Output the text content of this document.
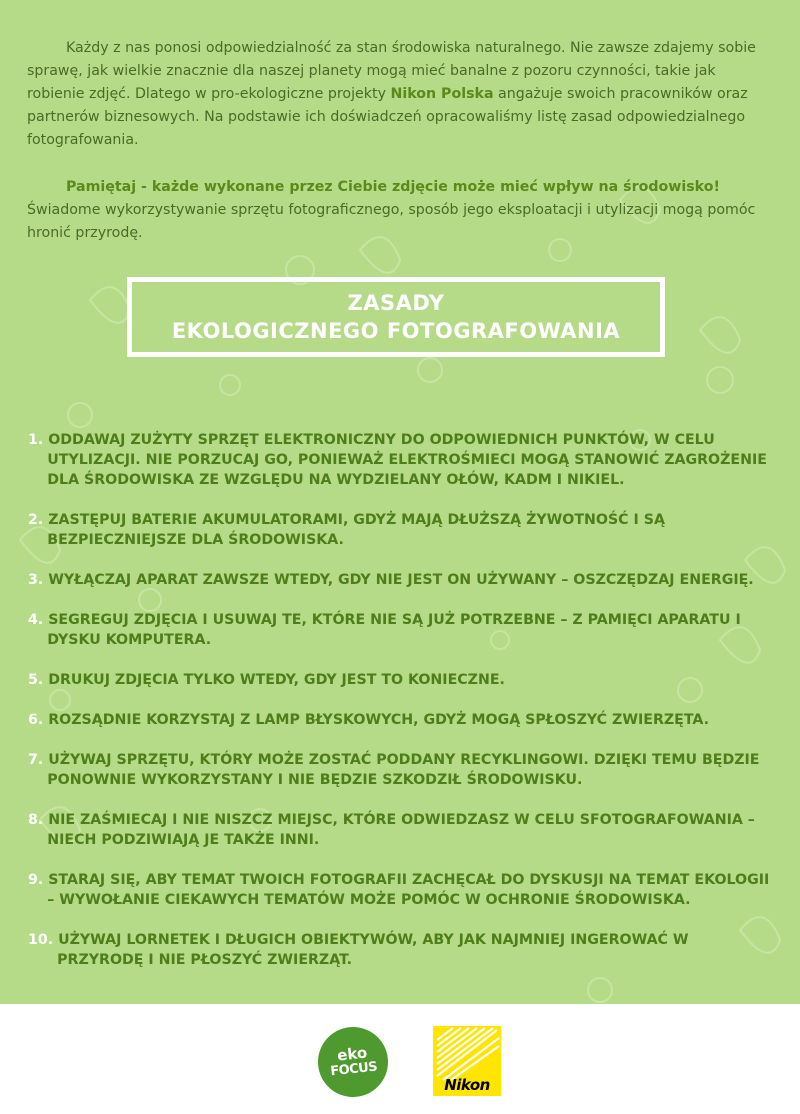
Każdy z nas ponosi odpowiedzialność za stan środowiska naturalnego. Nie zawsze zdajemy sobie sprawę, jak wielkie znacznie dla naszej planety mogą mieć banalne z pozoru czynności, takie jak robienie zdjęć. Dlatego w pro-ekologiczne projekty Nikon Polska angażuje swoich pracowników oraz partnerów biznesowych. Na podstawie ich doświadczeń opracowaliśmy listę zasad odpowiedzialnego fotografowania.

Pamiętaj - każde wykonane przez Ciebie zdjęcie może mieć wpływ na środowisko! Świadome wykorzystywanie sprzętu fotograficznego, sposób jego eksploatacji i utylizacji mogą pomóc hronić przyrodę.

ZASADY
EKOLOGICZNEGO FOTOGRAFOWANIA
1. ODDAWAJ ZUŻYTY SPRZĘT ELEKTRONICZNY DO ODPOWIEDNICH PUNKTÓW, W CELU UTYLIZACJI. NIE PORZUCAJ GO, PONIEWAŻ ELEKTROŚMIECI MOGĄ STANOWIĆ ZAGROŻENIE DLA ŚRODOWISKA ZE WZGLĘDU NA WYDZIELANY OŁÓW, KADM I NIKIEL.
2. ZASTĘPUJ BATERIE AKUMULATORAMI, GDYŻ MAJĄ DŁUŻSZĄ ŻYWOTNOŚĆ I SĄ BEZPIECZNIEJSZE DLA ŚRODOWISKA.
3. WYŁĄCZAJ APARAT ZAWSZE WTEDY, GDY NIE JEST ON UŻYWANY – OSZCZĘDZAJ ENERGIĘ.
4. SEGREGUJ ZDJĘCIA I USUWAJ TE, KTÓRE NIE SĄ JUŻ POTRZEBNE – Z PAMIĘCI APARATU I DYSKU KOMPUTERA.
5. DRUKUJ ZDJĘCIA TYLKO WTEDY, GDY JEST TO KONIECZNE.
6. ROZSĄDNIE KORZYSTAJ Z LAMP BŁYSKOWYCH, GDYŻ MOGĄ SPŁOSZYĆ ZWIERZĘTA.
7. UŻYWAJ SPRZĘTU, KTÓRY MOŻE ZOSTAĆ PODDANY RECYKLINGOWI. DZIĘKI TEMU BĘDZIE PONOWNIE WYKORZYSTANY I NIE BĘDZIE SZKODZIŁ ŚRODOWISKU.
8. NIE ZAŚMIECAJ I NIE NISZCZ MIEJSC, KTÓRE ODWIEDZASZ W CELU SFOTOGRAFOWANIA – NIECH PODZIWIAJĄ JE TAKŻE INNI.
9. STARAJ SIĘ, ABY TEMAT TWOICH FOTOGRAFII ZACHĘCAŁ DO DYSKUSJI NA TEMAT EKOLOGII – WYWOŁANIE CIEKAWYCH TEMATÓW MOŻE POMÓC W OCHRONIE ŚRODOWISKA.
10. UŻYWAJ LORNETEK I DŁUGICH OBIEKTYWÓW, ABY JAK NAJMNIEJ INGEROWAĆ W PRZYRODĘ I NIE PŁOSZYĆ ZWIERZĄT.
eko
FOCUS
Nikon
